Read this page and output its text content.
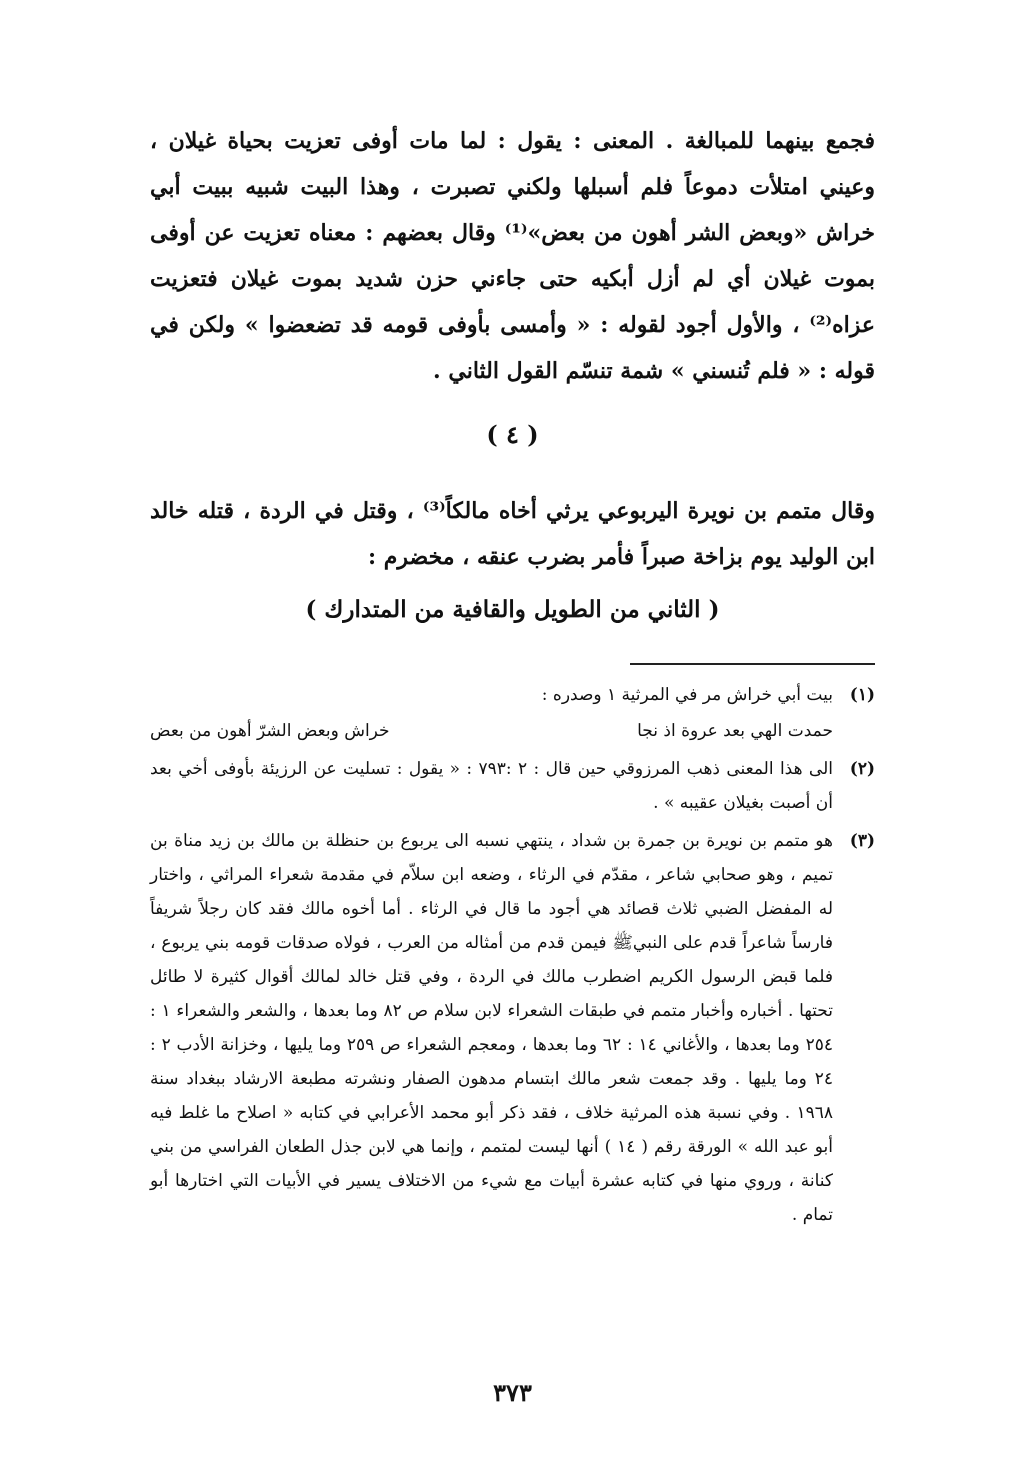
فجمع بينهما للمبالغة . المعنى : يقول : لما مات أوفى تعزيت بحياة غيلان ، وعيني امتلأت دموعاً فلم أسبلها ولكني تصبرت ، وهذا البيت شبيه ببيت أبي خراش «وبعض الشر أهون من بعض»⁽¹⁾ وقال بعضهم : معناه تعزيت عن أوفى بموت غيلان أي لم أزل أبكيه حتى جاءني حزن شديد بموت غيلان فتعزيت عزاه⁽²⁾ ، والأول أجود لقوله : « وأمسى بأوفى قومه قد تضعضوا » ولكن في قوله : « فلم تُنسني » شمة تنسّم القول الثاني .

( ٤ )
وقال متمم بن نويرة اليربوعي يرثي أخاه مالكاً⁽³⁾ ، وقتل في الردة ، قتله خالد ابن الوليد يوم بزاخة صبراً فأمر بضرب عنقه ، مخضرم :
( الثاني من الطويل والقافية من المتدارك )
(١)
بيت أبي خراش مر في المرثية ١ وصدره :
حمدت الهي بعد عروة اذ نجا
خراش وبعض الشرّ أهون من بعض
(٢)
الى هذا المعنى ذهب المرزوقي حين قال : ٢ :٧٩٣ : « يقول : تسليت عن الرزيئة بأوفى أخي بعد أن أصبت بغيلان عقيبه » .
(٣)
هو متمم بن نويرة بن جمرة بن شداد ، ينتهي نسبه الى يربوع بن حنظلة بن مالك بن زيد مناة بن تميم ، وهو صحابي شاعر ، مقدّم في الرثاء ، وضعه ابن سلاّم في مقدمة شعراء المراثي ، واختار له المفضل الضبي ثلاث قصائد هي أجود ما قال في الرثاء . أما أخوه مالك فقد كان رجلاً شريفاً فارساً شاعراً قدم على النبيﷺ فيمن قدم من أمثاله من العرب ، فولاه صدقات قومه بني يربوع ، فلما قبض الرسول الكريم اضطرب مالك في الردة ، وفي قتل خالد لمالك أقوال كثيرة لا طائل تحتها . أخباره وأخبار متمم في طبقات الشعراء لابن سلام ص ٨٢ وما بعدها ، والشعر والشعراء ١ : ٢٥٤ وما بعدها ، والأغاني ١٤ : ٦٢ وما بعدها ، ومعجم الشعراء ص ٢٥٩ وما يليها ، وخزانة الأدب ٢ : ٢٤ وما يليها . وقد جمعت شعر مالك ابتسام مدهون الصفار ونشرته مطبعة الارشاد ببغداد سنة ١٩٦٨ . وفي نسبة هذه المرثية خلاف ، فقد ذكر أبو محمد الأعرابي في كتابه « اصلاح ما غلط فيه أبو عبد الله » الورقة رقم ( ١٤ ) أنها ليست لمتمم ، وإنما هي لابن جذل الطعان الفراسي من بني كنانة ، وروي منها في كتابه عشرة أبيات مع شيء من الاختلاف يسير في الأبيات التي اختارها أبو تمام .
٣٧٣
